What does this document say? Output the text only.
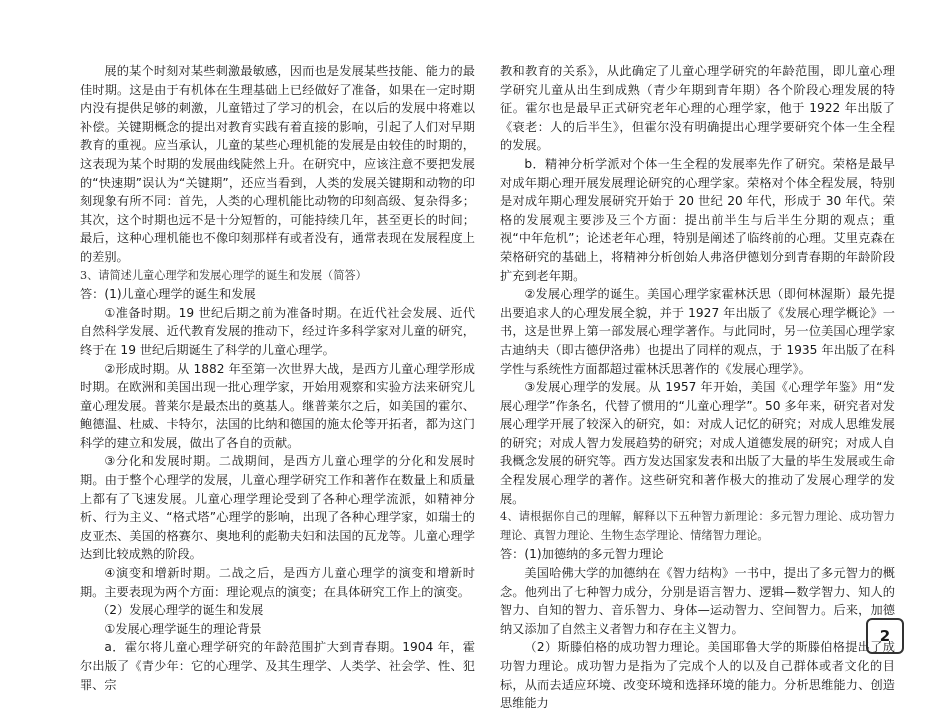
展的某个时刻对某些刺激最敏感，因而也是发展某些技能、能力的最佳时期。这是由于有机体在生理基础上已经做好了准备，如果在一定时期内没有提供足够的刺激，儿童错过了学习的机会，在以后的发展中将难以补偿。关键期概念的提出对教育实践有着直接的影响，引起了人们对早期教育的重视。应当承认，儿童的某些心理机能的发展是由较佳的时期的，这表现为某个时期的发展曲线陡然上升。在研究中，应该注意不要把发展的“快速期”误认为“关键期”，还应当看到，人类的发展关键期和动物的印刻现象有所不同：首先，人类的心理机能比动物的印刻高级、复杂得多；其次，这个时期也远不是十分短暂的，可能持续几年，甚至更长的时间；最后，这种心理机能也不像印刻那样有或者没有，通常表现在发展程度上的差别。

3、请简述儿童心理学和发展心理学的诞生和发展（简答）

答：(1)儿童心理学的诞生和发展

①准备时期。19 世纪后期之前为准备时期。在近代社会发展、近代自然科学发展、近代教育发展的推动下，经过许多科学家对儿童的研究，终于在 19 世纪后期诞生了科学的儿童心理学。

②形成时期。从 1882 年至第一次世界大战，是西方儿童心理学形成时期。在欧洲和美国出现一批心理学家，开始用观察和实验方法来研究儿童心理发展。普莱尔是最杰出的奠基人。继普莱尔之后，如美国的霍尔、鲍德温、杜威、卡特尔，法国的比纳和德国的施太伦等开拓者，都为这门科学的建立和发展，做出了各自的贡献。

③分化和发展时期。二战期间，是西方儿童心理学的分化和发展时期。由于整个心理学的发展，儿童心理学研究工作和著作在数量上和质量上都有了飞速发展。儿童心理学理论受到了各种心理学流派，如精神分析、行为主义、“格式塔”心理学的影响，出现了各种心理学家，如瑞士的皮亚杰、美国的格赛尔、奥地利的彪勒夫妇和法国的瓦龙等。儿童心理学达到比较成熟的阶段。

④演变和增新时期。二战之后，是西方儿童心理学的演变和增新时期。主要表现为两个方面：理论观点的演变；在具体研究工作上的演变。

（2）发展心理学的诞生和发展

①发展心理学诞生的理论背景

a．霍尔将儿童心理学研究的年龄范围扩大到青春期。1904 年，霍尔出版了《青少年：它的心理学、及其生理学、人类学、社会学、性、犯罪、宗

教和教育的关系》，从此确定了儿童心理学研究的年龄范围，即儿童心理学研究儿童从出生到成熟（青少年期到青年期）各个阶段心理发展的特征。霍尔也是最早正式研究老年心理的心理学家，他于 1922 年出版了《衰老：人的后半生》，但霍尔没有明确提出心理学要研究个体一生全程的发展。

b．精神分析学派对个体一生全程的发展率先作了研究。荣格是最早对成年期心理开展发展理论研究的心理学家。荣格对个体全程发展，特别是对成年期心理发展研究开始于 20 世纪 20 年代，形成于 30 年代。荣格的发展观主要涉及三个方面：提出前半生与后半生分期的观点；重视“中年危机”；论述老年心理，特别是阐述了临终前的心理。艾里克森在荣格研究的基础上，将精神分析创始人弗洛伊德划分到青春期的年龄阶段扩充到老年期。

②发展心理学的诞生。美国心理学家霍林沃思（即何林渥斯）最先提出要追求人的心理发展全貌，并于 1927 年出版了《发展心理学概论》一书，这是世界上第一部发展心理学著作。与此同时，另一位美国心理学家古迪纳夫（即古德伊洛弗）也提出了同样的观点，于 1935 年出版了在科学性与系统性方面都超过霍林沃思著作的《发展心理学》。

③发展心理学的发展。从 1957 年开始，美国《心理学年鉴》用“发展心理学”作条名，代替了惯用的“儿童心理学”。50 多年来，研究者对发展心理学开展了较深入的研究，如：对成人记忆的研究；对成人思维发展的研究；对成人智力发展趋势的研究；对成人道德发展的研究；对成人自我概念发展的研究等。西方发达国家发表和出版了大量的毕生发展或生命全程发展心理学的著作。这些研究和著作极大的推动了发展心理学的发展。

4、请根据你自己的理解，解释以下五种智力新理论：多元智力理论、成功智力理论、真智力理论、生物生态学理论、情绪智力理论。

答：(1)加德纳的多元智力理论

美国哈佛大学的加德纳在《智力结构》一书中，提出了多元智力的概念。他列出了七种智力成分，分别是语言智力、逻辑—数学智力、知人的智力、自知的智力、音乐智力、身体—运动智力、空间智力。后来，加德纳又添加了自然主义者智力和存在主义智力。

（2）斯滕伯格的成功智力理论。美国耶鲁大学的斯滕伯格提出了成功智力理论。成功智力是指为了完成个人的以及自己群体或者文化的目标，从而去适应环境、改变环境和选择环境的能力。分析思维能力、创造思维能力

2
